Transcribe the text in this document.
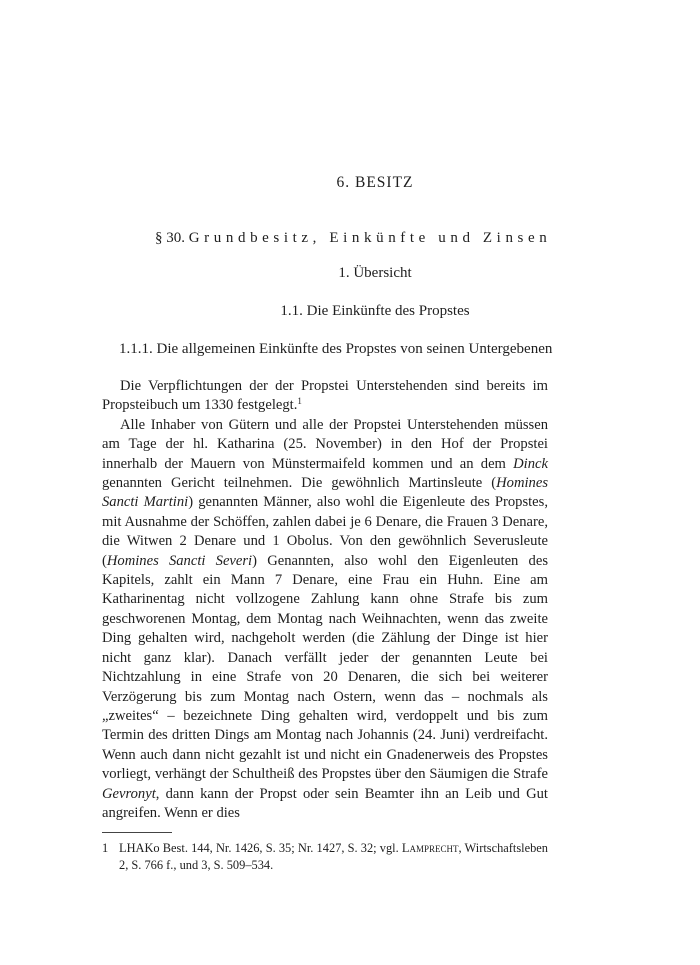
6. BESITZ
§ 30. Grundbesitz, Einkünfte und Zinsen
1. Übersicht
1.1. Die Einkünfte des Propstes
1.1.1. Die allgemeinen Einkünfte des Propstes von seinen Untergebenen

Die Verpflichtungen der der Propstei Unterstehenden sind bereits im Propsteibuch um 1330 festgelegt.$^1$

Alle Inhaber von Gütern und alle der Propstei Unterstehenden müssen am Tage der hl. Katharina (25. November) in den Hof der Propstei innerhalb der Mauern von Münstermaifeld kommen und an dem Dinck genannten Gericht teilnehmen. Die gewöhnlich Martinsleute (Homines Sancti Martini) genannten Männer, also wohl die Eigenleute des Propstes, mit Ausnahme der Schöffen, zahlen dabei je 6 Denare, die Frauen 3 Denare, die Witwen 2 Denare und 1 Obolus. Von den gewöhnlich Severusleute (Homines Sancti Severi) Genannten, also wohl den Eigenleuten des Kapitels, zahlt ein Mann 7 Denare, eine Frau ein Huhn. Eine am Katharinentag nicht vollzogene Zahlung kann ohne Strafe bis zum geschworenen Montag, dem Montag nach Weihnachten, wenn das zweite Ding gehalten wird, nachgeholt werden (die Zählung der Dinge ist hier nicht ganz klar). Danach verfällt jeder der genannten Leute bei Nichtzahlung in eine Strafe von 20 Denaren, die sich bei weiterer Verzögerung bis zum Montag nach Ostern, wenn das – nochmals als „zweites“ – bezeichnete Ding gehalten wird, verdoppelt und bis zum Termin des dritten Dings am Montag nach Johannis (24. Juni) verdreifacht. Wenn auch dann nicht gezahlt ist und nicht ein Gnadenerweis des Propstes vorliegt, verhängt der Schultheiß des Propstes über den Säumigen die Strafe Gevronyt, dann kann der Propst oder sein Beamter ihn an Leib und Gut angreifen. Wenn er dies

1 LHAKo Best. 144, Nr. 1426, S. 35; Nr. 1427, S. 32; vgl. Lamprecht, Wirtschaftsleben 2, S. 766 f., und 3, S. 509–534.
